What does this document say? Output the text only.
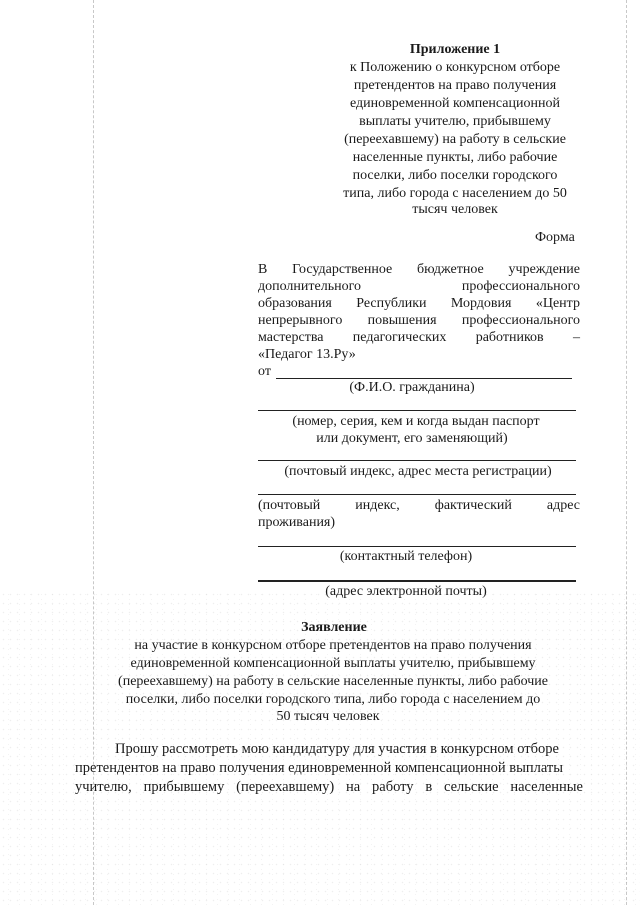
Приложение 1
к Положению о конкурсном отборе
претендентов на право получения
единовременной компенсационной
выплаты учителю, прибывшему
(переехавшему) на работу в сельские
населенные пункты, либо рабочие
поселки, либо поселки городского
типа, либо города с населением до 50
тысяч человек
Форма
В Государственное бюджетное учреждение
дополнительного	профессионального
образования Республики Мордовия «Центр
непрерывного повышения профессионального
мастерства педагогических работников –
«Педагог 13.Ру»
от
(Ф.И.О. гражданина)
(номер, серия, кем и когда выдан паспорт
или документ, его заменяющий)
(почтовый индекс, адрес места регистрации)
(почтовый индекс, фактический адрес
проживания)
(контактный телефон)
(адрес электронной почты)
Заявление
на участие в конкурсном отборе претендентов на право получения
единовременной компенсационной выплаты учителю, прибывшему
(переехавшему) на работу в сельские населенные пункты, либо рабочие
поселки, либо поселки городского типа, либо города с населением до
50 тысяч человек
Прошу рассмотреть мою кандидатуру для участия в конкурсном отборе
претендентов на право получения единовременной компенсационной выплаты
учителю, прибывшему (переехавшему) на работу в сельские населенные
